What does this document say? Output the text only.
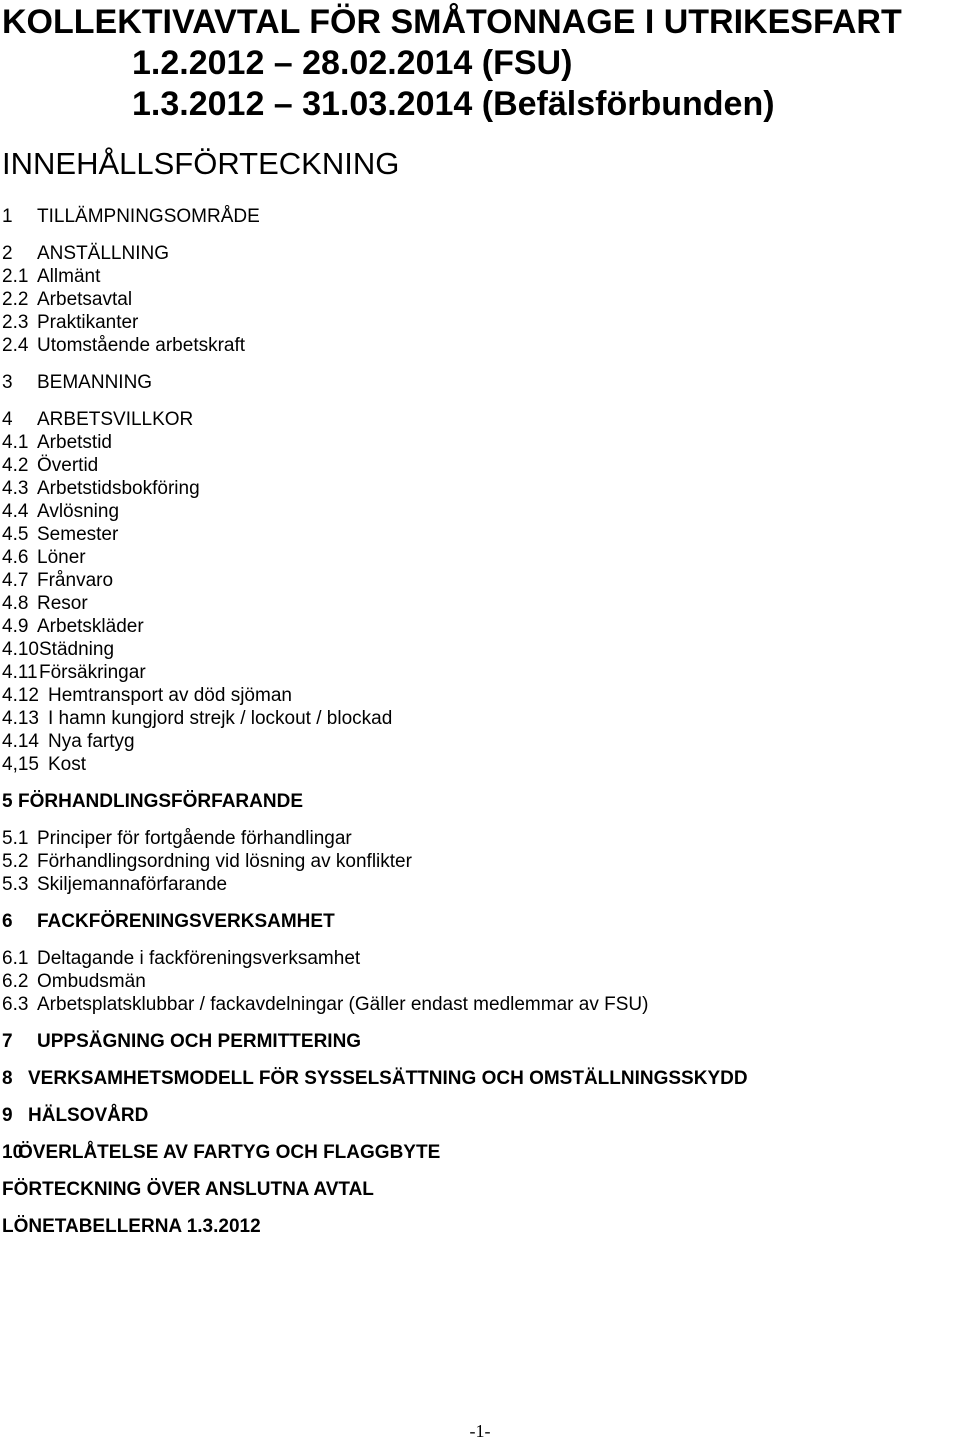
KOLLEKTIVAVTAL FÖR SMÅTONNAGE I UTRIKESFART
1.2.2012 – 28.02.2014 (FSU)
1.3.2012 – 31.03.2014 (Befälsförbunden)
INNEHÅLLSFÖRTECKNING
1 TILLÄMPNINGSOMRÅDE
2 ANSTÄLLNING
2.1 Allmänt
2.2 Arbetsavtal
2.3 Praktikanter
2.4 Utomstående arbetskraft
3 BEMANNING
4 ARBETSVILLKOR
4.1 Arbetstid
4.2 Övertid
4.3 Arbetstidsbokföring
4.4 Avlösning
4.5 Semester
4.6 Löner
4.7 Frånvaro
4.8 Resor
4.9 Arbetskläder
4.10Städning
4.11Försäkringar
4.12 Hemtransport av död sjöman
4.13 I hamn kungjord strejk / lockout / blockad
4.14 Nya fartyg
4,15 Kost
5 FÖRHANDLINGSFÖRFARANDE
5.1 Principer för fortgående förhandlingar
5.2 Förhandlingsordning vid lösning av konflikter
5.3 Skiljemannaförfarande
6 FACKFÖRENINGSVERKSAMHET
6.1 Deltagande i fackföreningsverksamhet
6.2 Ombudsmän
6.3 Arbetsplatsklubbar / fackavdelningar (Gäller endast medlemmar av FSU)
7 UPPSÄGNING OCH PERMITTERING
8 VERKSAMHETSMODELL FÖR SYSSELSÄTTNING OCH OMSTÄLLNINGSSKYDD
9 HÄLSOVÅRD
10ÖVERLÅTELSE AV FARTYG OCH FLAGGBYTE
FÖRTECKNING ÖVER ANSLUTNA AVTAL
LÖNETABELLERNA 1.3.2012
-1-
